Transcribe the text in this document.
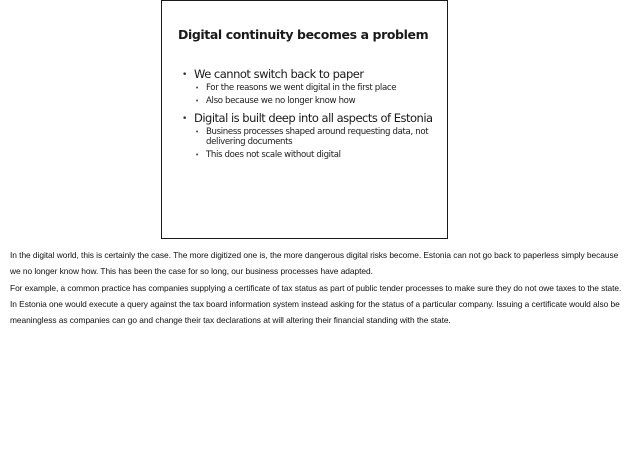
Digital continuity becomes a problem
• We cannot switch back to paper
• For the reasons we went digital in the first place
• Also because we no longer know how
• Digital is built deep into all aspects of Estonia
• Business processes shaped around requesting data, not delivering documents
• This does not scale without digital

In the digital world, this is certainly the case. The more digitized one is, the more dangerous digital risks become. Estonia can not go back to paperless simply because we no longer know how. This has been the case for so long, our business processes have adapted.

For example, a common practice has companies supplying a certificate of tax status as part of public tender processes to make sure they do not owe taxes to the state. In Estonia one would execute a query against the tax board information system instead asking for the status of a particular company. Issuing a certificate would also be meaningless as companies can go and change their tax declarations at will altering their financial standing with the state.
